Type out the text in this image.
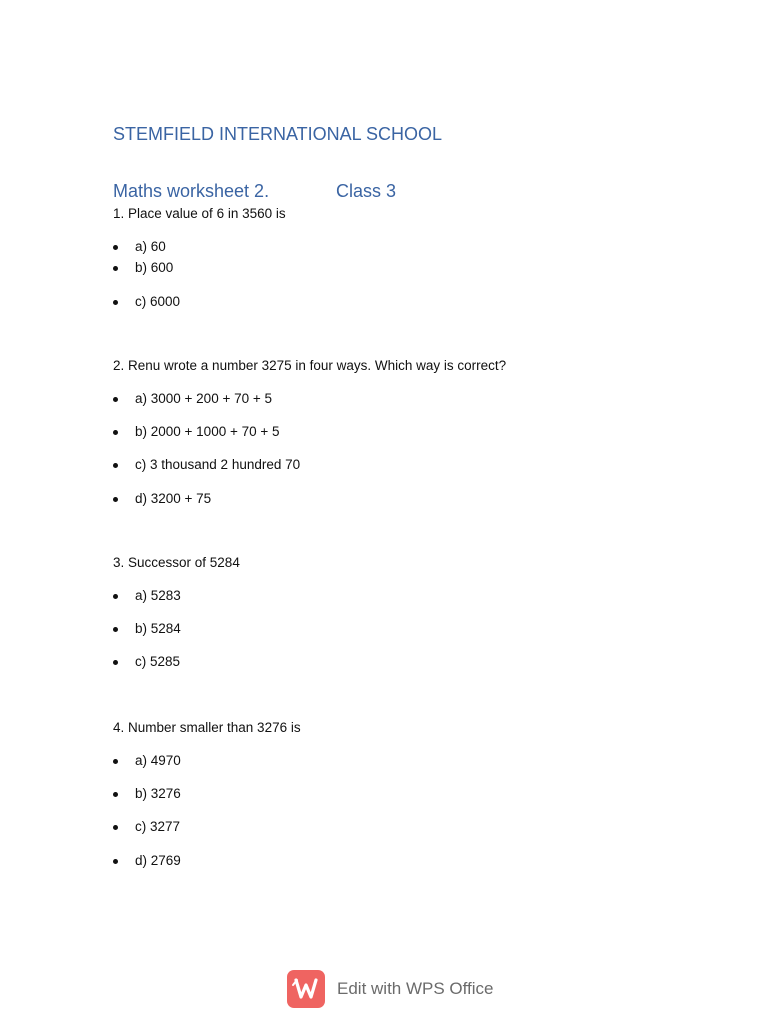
STEMFIELD INTERNATIONAL SCHOOL
Maths worksheet 2.	Class 3
1. Place value of 6 in 3560 is
a) 60
b) 600
c) 6000
2. Renu wrote a number 3275 in four ways. Which way is correct?
a) 3000 + 200 + 70 + 5
b) 2000 + 1000 + 70 + 5
c) 3 thousand 2 hundred 70
d) 3200 + 75
3. Successor of 5284
a) 5283
b) 5284
c) 5285
4. Number smaller than 3276 is
a) 4970
b) 3276
c) 3277
d) 2769
Edit with WPS Office
